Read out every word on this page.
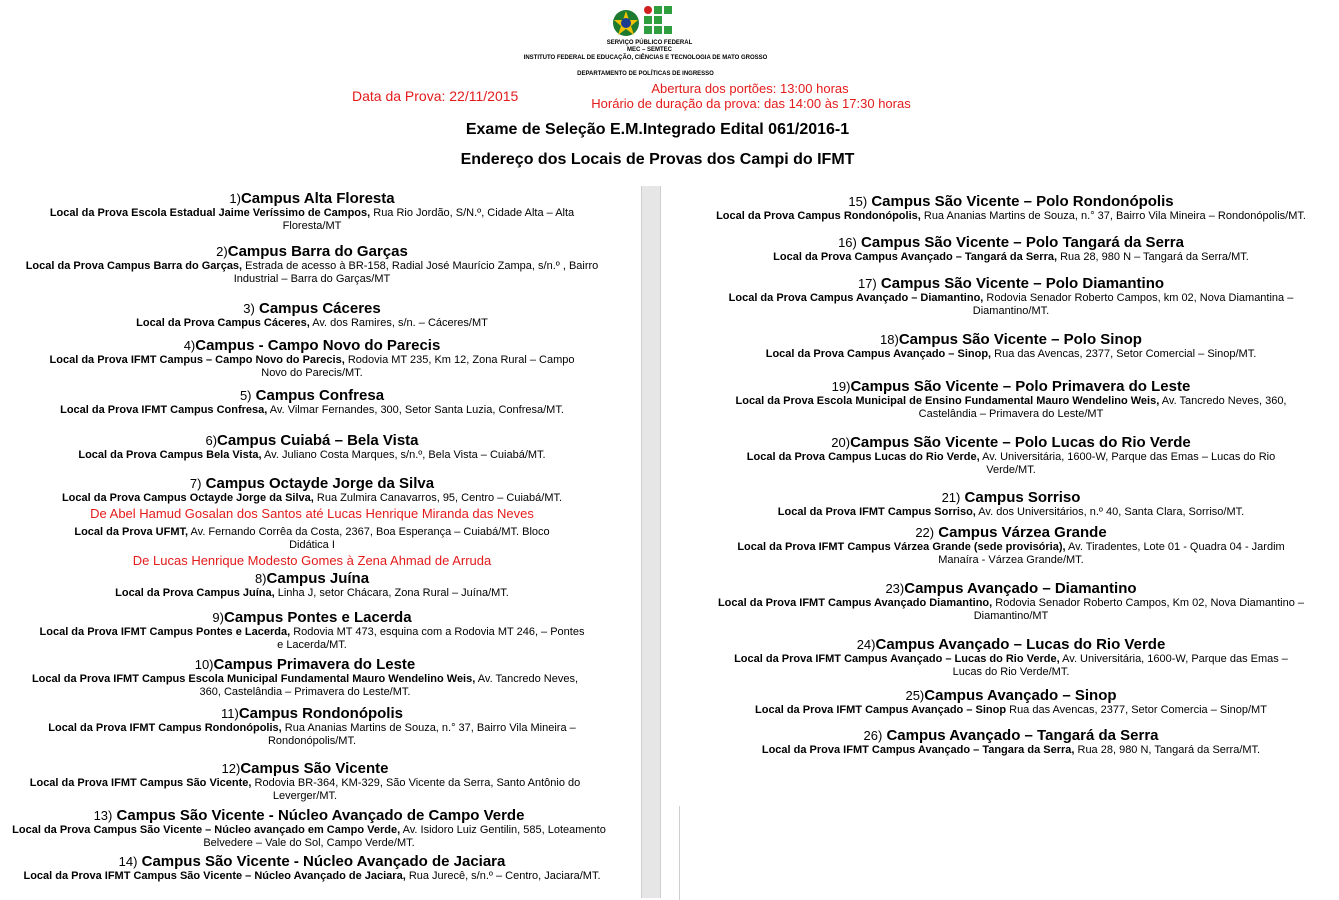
SERVIÇO PÚBLICO FEDERAL
MEC – SEMTEC
INSTITUTO FEDERAL DE EDUCAÇÃO, CIÊNCIAS E TECNOLOGIA DE MATO GROSSO
DEPARTAMENTO DE POLÍTICAS DE INGRESSO
Data da Prova: 22/11/2015	Abertura dos portões: 13:00 horas
Horário de duração da prova: das 14:00 às 17:30 horas
Exame de Seleção E.M.Integrado Edital 061/2016-1
Endereço dos Locais de Provas dos Campi do IFMT
1)Campus Alta Floresta
Local da Prova Escola Estadual Jaime Veríssimo de Campos, Rua Rio Jordão, S/N.º, Cidade Alta – Alta Floresta/MT
2)Campus Barra do Garças
Local da Prova Campus Barra do Garças, Estrada de acesso à BR-158, Radial José Maurício Zampa, s/n.º , Bairro Industrial – Barra do Garças/MT
3) Campus Cáceres
Local da Prova Campus Cáceres, Av. dos Ramires, s/n. – Cáceres/MT
4)Campus - Campo Novo do Parecis
Local da Prova IFMT Campus – Campo Novo do Parecis, Rodovia MT 235, Km 12, Zona Rural – Campo Novo do Parecis/MT.
5) Campus Confresa
Local da Prova IFMT Campus Confresa, Av. Vilmar Fernandes, 300, Setor Santa Luzia, Confresa/MT.
6)Campus Cuiabá – Bela Vista
Local da Prova Campus Bela Vista, Av. Juliano Costa Marques, s/n.º, Bela Vista – Cuiabá/MT.
7) Campus Octayde Jorge da Silva
Local da Prova Campus Octayde Jorge da Silva, Rua Zulmira Canavarros, 95, Centro – Cuiabá/MT.
De Abel Hamud Gosalan dos Santos até Lucas Henrique Miranda das Neves
Local da Prova UFMT, Av. Fernando Corrêa da Costa, 2367, Boa Esperança – Cuiabá/MT. Bloco Didática I
De Lucas Henrique Modesto Gomes à Zena Ahmad de Arruda
8)Campus Juína
Local da Prova Campus Juína, Linha J, setor Chácara, Zona Rural – Juína/MT.
9)Campus Pontes e Lacerda
Local da Prova IFMT Campus Pontes e Lacerda, Rodovia MT 473, esquina com a Rodovia MT 246, – Pontes e Lacerda/MT.
10)Campus Primavera do Leste
Local da Prova IFMT Campus Escola Municipal Fundamental Mauro Wendelino Weis, Av. Tancredo Neves, 360, Castelândia – Primavera do Leste/MT.
11)Campus Rondonópolis
Local da Prova IFMT Campus Rondonópolis, Rua Ananias Martins de Souza, n.° 37, Bairro Vila Mineira – Rondonópolis/MT.
12)Campus São Vicente
Local da Prova IFMT Campus São Vicente, Rodovia BR-364, KM-329, São Vicente da Serra, Santo Antônio do Leverger/MT.
13) Campus São Vicente - Núcleo Avançado de Campo Verde
Local da Prova Campus São Vicente – Núcleo avançado em Campo Verde, Av. Isidoro Luiz Gentilin, 585, Loteamento Belvedere – Vale do Sol, Campo Verde/MT.
14) Campus São Vicente - Núcleo Avançado de Jaciara
Local da Prova IFMT Campus São Vicente – Núcleo Avançado de Jaciara, Rua Jurecê, s/n.º – Centro, Jaciara/MT.
15) Campus São Vicente – Polo Rondonópolis
Local da Prova Campus Rondonópolis, Rua Ananias Martins de Souza, n.° 37, Bairro Vila Mineira – Rondonópolis/MT.
16) Campus São Vicente – Polo Tangará da Serra
Local da Prova Campus Avançado – Tangará da Serra, Rua 28, 980 N – Tangará da Serra/MT.
17) Campus São Vicente – Polo Diamantino
Local da Prova Campus Avançado – Diamantino, Rodovia Senador Roberto Campos, km 02, Nova Diamantina – Diamantino/MT.
18)Campus São Vicente – Polo Sinop
Local da Prova Campus Avançado – Sinop, Rua das Avencas, 2377, Setor Comercial – Sinop/MT.
19)Campus São Vicente – Polo Primavera do Leste
Local da Prova Escola Municipal de Ensino Fundamental Mauro Wendelino Weis, Av. Tancredo Neves, 360, Castelândia – Primavera do Leste/MT
20)Campus São Vicente – Polo Lucas do Rio Verde
Local da Prova Campus Lucas do Rio Verde, Av. Universitária, 1600-W, Parque das Emas – Lucas do Rio Verde/MT.
21) Campus Sorriso
Local da Prova IFMT Campus Sorriso, Av. dos Universitários, n.º 40, Santa Clara, Sorriso/MT.
22) Campus Várzea Grande
Local da Prova IFMT Campus Várzea Grande (sede provisória), Av. Tiradentes, Lote 01 - Quadra 04 - Jardim Manaíra - Várzea Grande/MT.
23)Campus Avançado – Diamantino
Local da Prova IFMT Campus Avançado Diamantino, Rodovia Senador Roberto Campos, Km 02, Nova Diamantino – Diamantino/MT
24)Campus Avançado – Lucas do Rio Verde
Local da Prova IFMT Campus Avançado – Lucas do Rio Verde, Av. Universitária, 1600-W, Parque das Emas – Lucas do Rio Verde/MT.
25)Campus Avançado – Sinop
Local da Prova IFMT Campus Avançado – Sinop Rua das Avencas, 2377, Setor Comercia – Sinop/MT
26) Campus Avançado – Tangará da Serra
Local da Prova IFMT Campus Avançado – Tangara da Serra, Rua 28, 980 N, Tangará da Serra/MT.
